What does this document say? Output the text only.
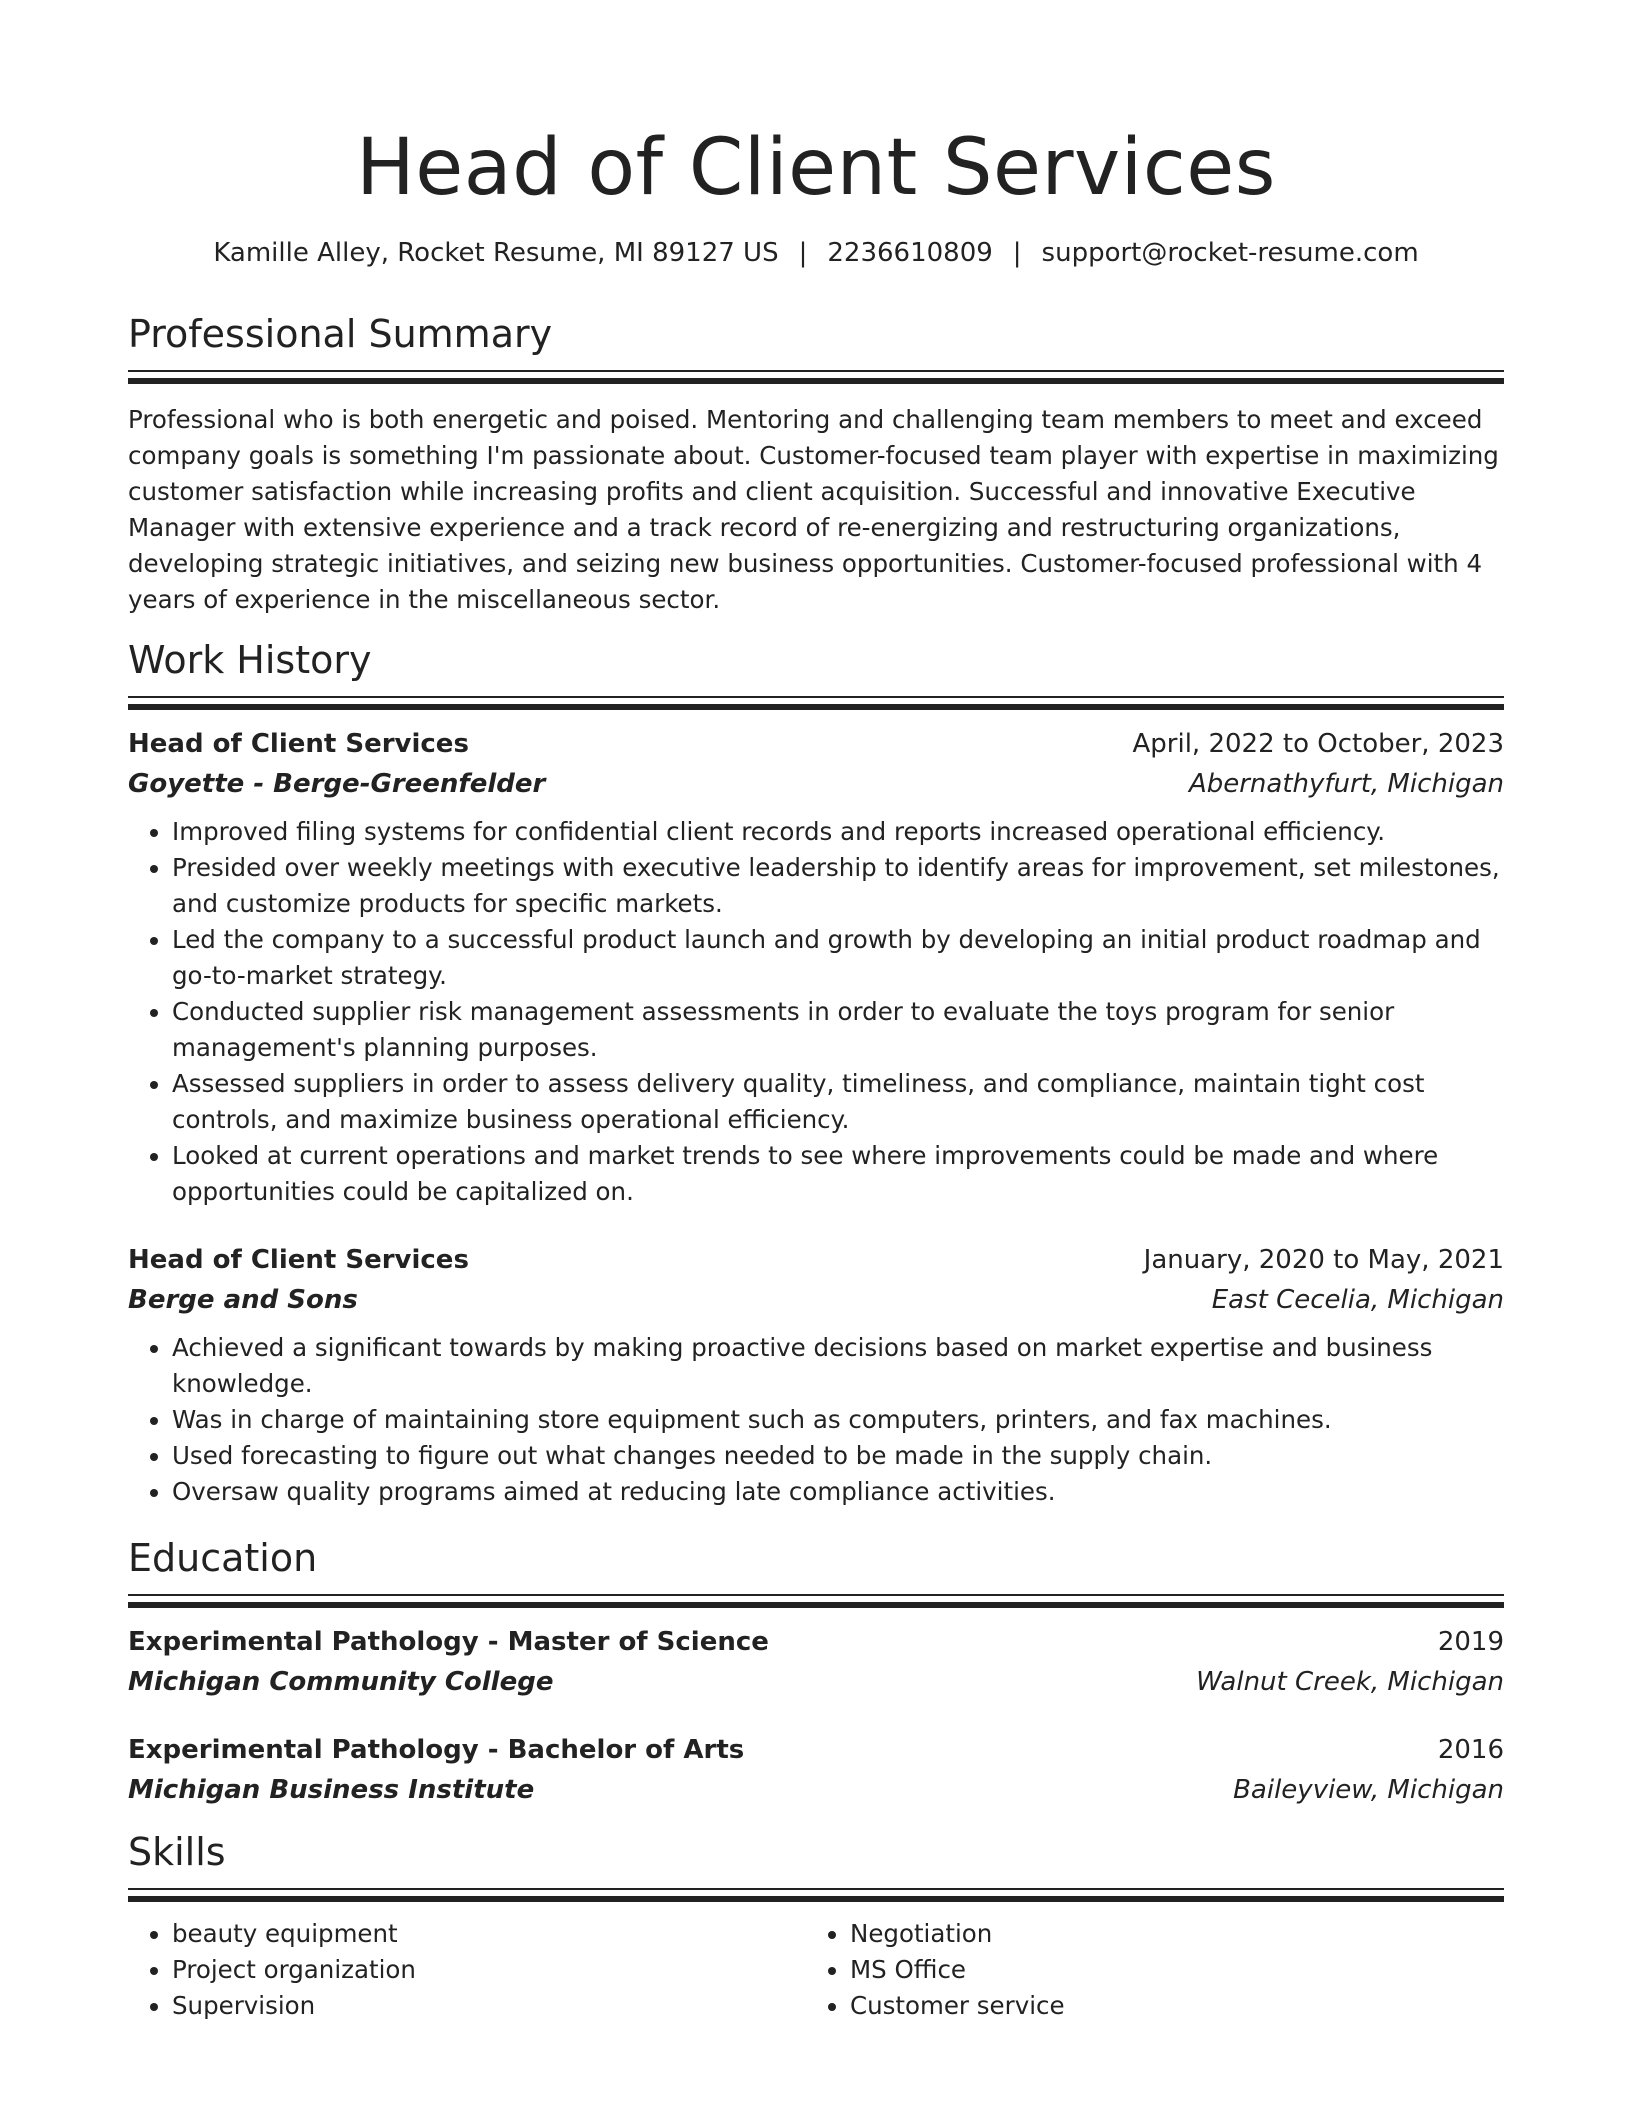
Head of Client Services
Kamille Alley, Rocket Resume, MI 89127 US | 2236610809 | support@rocket-resume.com
Professional Summary

Professional who is both energetic and poised. Mentoring and challenging team members to meet and exceed company goals is something I'm passionate about. Customer-focused team player with expertise in maximizing customer satisfaction while increasing profits and client acquisition. Successful and innovative Executive Manager with extensive experience and a track record of re-energizing and restructuring organizations, developing strategic initiatives, and seizing new business opportunities. Customer-focused professional with 4 years of experience in the miscellaneous sector.

Work History
Head of Client Services	April, 2022 to October, 2023
Goyette - Berge-Greenfelder	Abernathyfurt, Michigan
• Improved filing systems for confidential client records and reports increased operational efficiency.
• Presided over weekly meetings with executive leadership to identify areas for improvement, set milestones, and customize products for specific markets.
• Led the company to a successful product launch and growth by developing an initial product roadmap and go-to-market strategy.
• Conducted supplier risk management assessments in order to evaluate the toys program for senior management's planning purposes.
• Assessed suppliers in order to assess delivery quality, timeliness, and compliance, maintain tight cost controls, and maximize business operational efficiency.
• Looked at current operations and market trends to see where improvements could be made and where opportunities could be capitalized on.
Head of Client Services	January, 2020 to May, 2021
Berge and Sons	East Cecelia, Michigan
• Achieved a significant towards by making proactive decisions based on market expertise and business knowledge.
• Was in charge of maintaining store equipment such as computers, printers, and fax machines.
• Used forecasting to figure out what changes needed to be made in the supply chain.
• Oversaw quality programs aimed at reducing late compliance activities.
Education
Experimental Pathology - Master of Science	2019
Michigan Community College	Walnut Creek, Michigan
Experimental Pathology - Bachelor of Arts	2016
Michigan Business Institute	Baileyview, Michigan
Skills
• beauty equipment
• Project organization
• Supervision
• Negotiation
• MS Office
• Customer service
